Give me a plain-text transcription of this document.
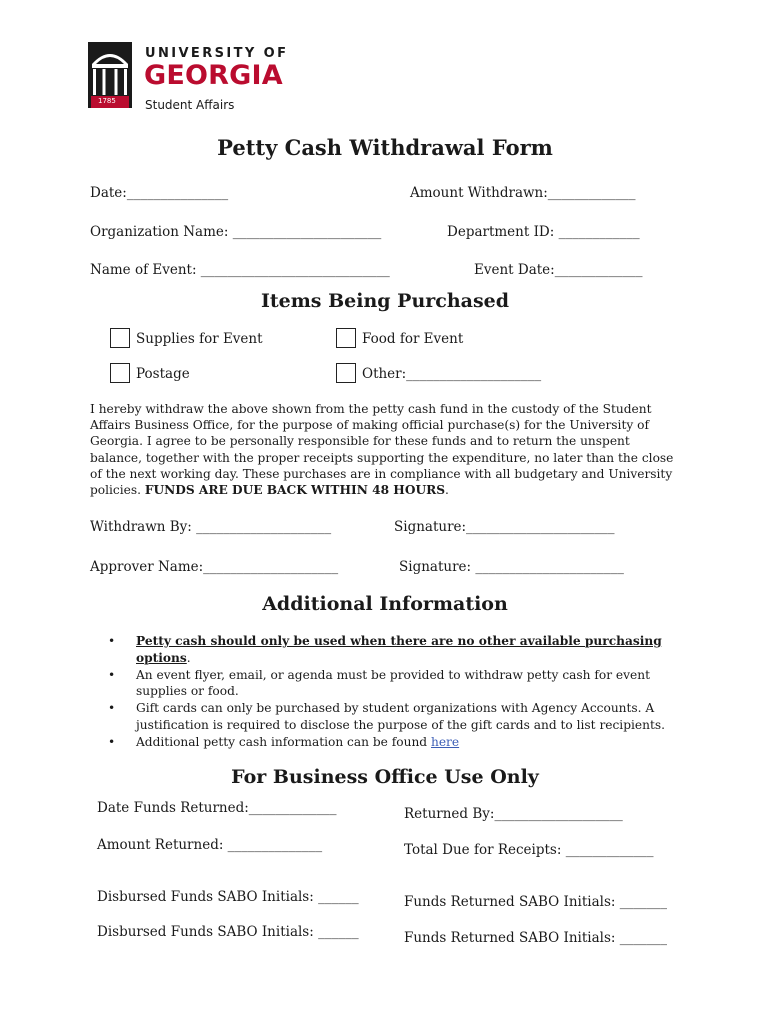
1785
UNIVERSITY OF
GEORGIA
Student Affairs
Petty Cash Withdrawal Form
Date:_______________	Amount Withdrawn:_____________
Organization Name: ______________________	Department ID: ____________
Name of Event: ____________________________	Event Date:_____________
Items Being Purchased
Supplies for Event	Food for Event
Postage	Other:____________________
I hereby withdraw the above shown from the petty cash fund in the custody of the Student Affairs Business Office, for the purpose of making official purchase(s) for the University of Georgia. I agree to be personally responsible for these funds and to return the unspent balance, together with the proper receipts supporting the expenditure, no later than the close of the next working day. These purchases are in compliance with all budgetary and University policies. FUNDS ARE DUE BACK WITHIN 48 HOURS.
Withdrawn By: ____________________	Signature:______________________
Approver Name:____________________	Signature: ______________________
Additional Information
• Petty cash should only be used when there are no other available purchasing options.
• An event flyer, email, or agenda must be provided to withdraw petty cash for event supplies or food.
• Gift cards can only be purchased by student organizations with Agency Accounts. A justification is required to disclose the purpose of the gift cards and to list recipients.
• Additional petty cash information can be found here
For Business Office Use Only
Date Funds Returned:_____________	Returned By:___________________
Amount Returned: ______________	Total Due for Receipts: _____________
Disbursed Funds SABO Initials: ______	Funds Returned SABO Initials: _______
Disbursed Funds SABO Initials: ______	Funds Returned SABO Initials: _______
